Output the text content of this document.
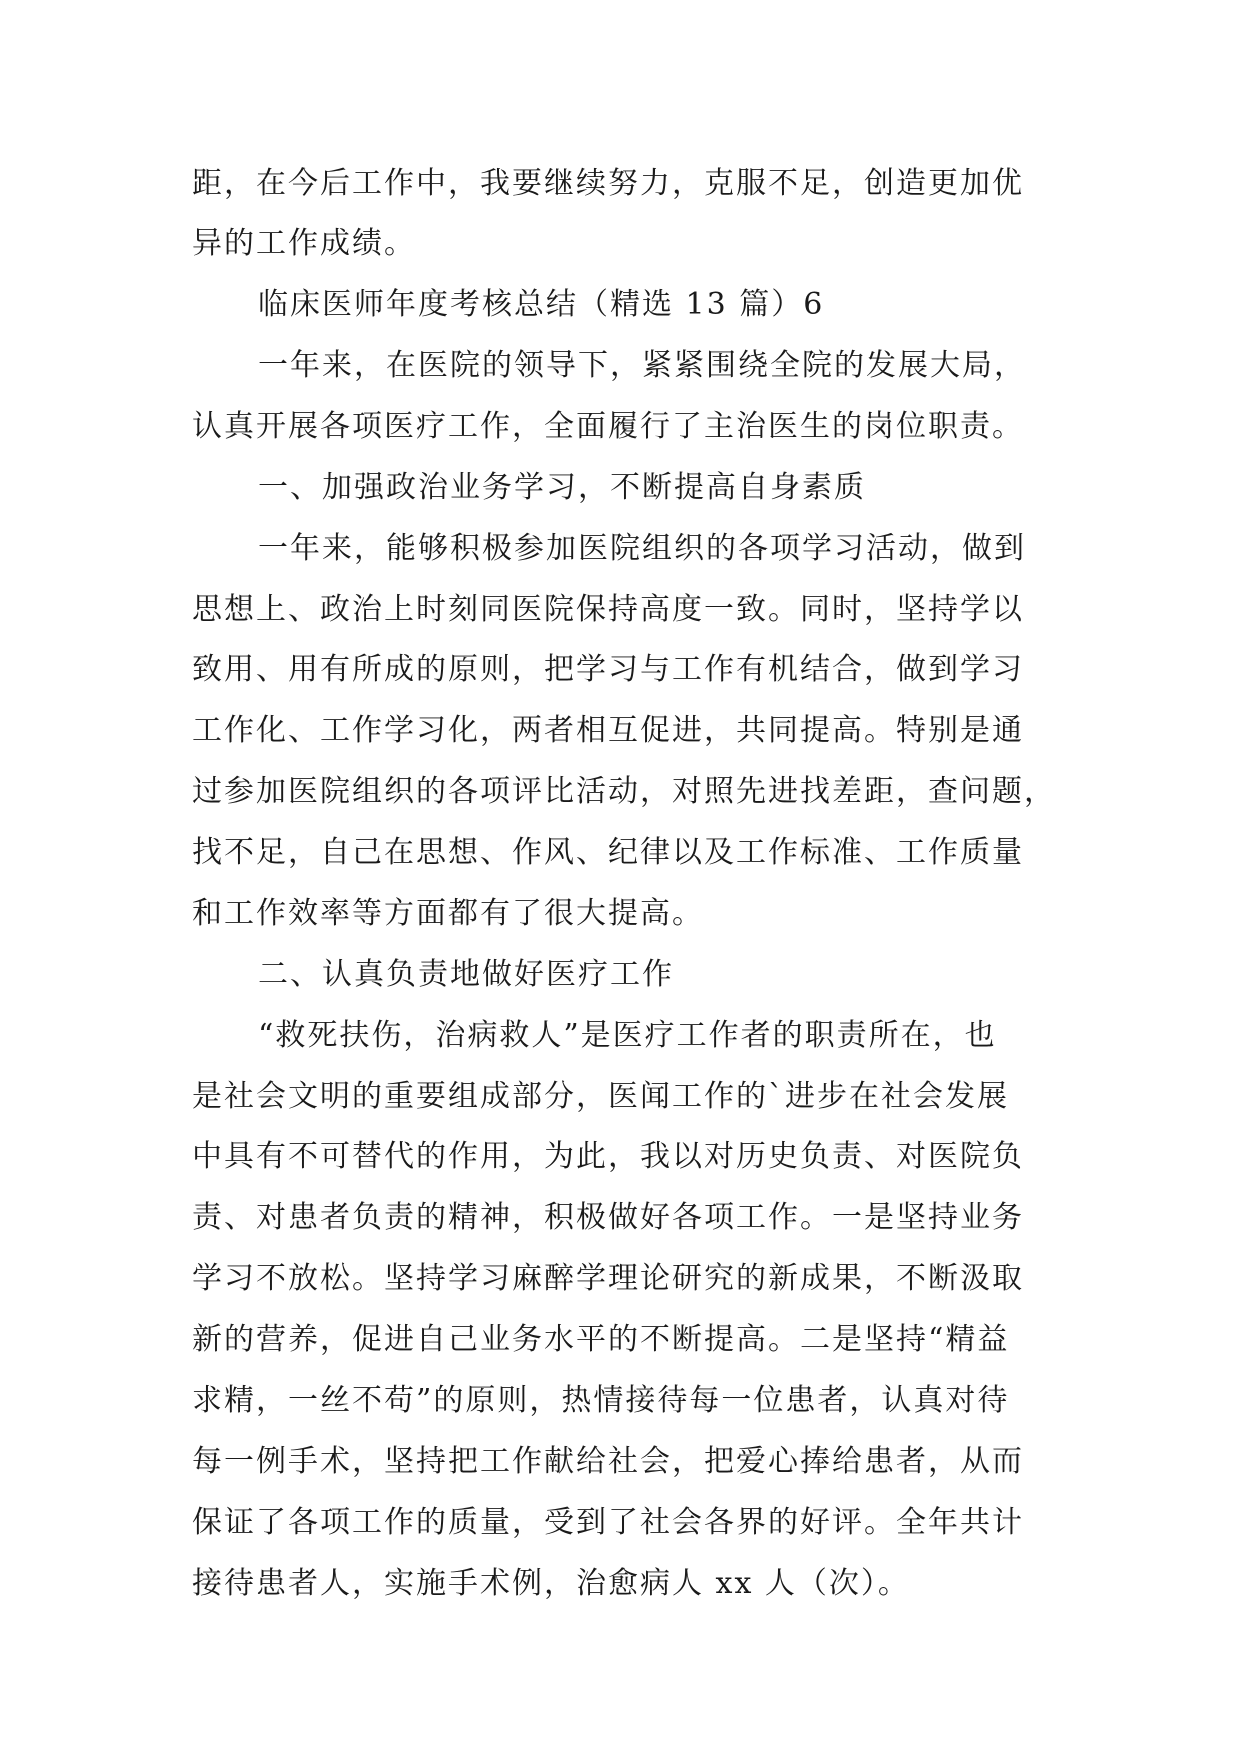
距，在今后工作中，我要继续努力，克服不足，创造更加优
异的工作成绩。
临床医师年度考核总结（精选 13 篇）6
一年来，在医院的领导下，紧紧围绕全院的发展大局，
认真开展各项医疗工作，全面履行了主治医生的岗位职责。
一、加强政治业务学习，不断提高自身素质
一年来，能够积极参加医院组织的各项学习活动，做到
思想上、政治上时刻同医院保持高度一致。同时，坚持学以
致用、用有所成的原则，把学习与工作有机结合，做到学习
工作化、工作学习化，两者相互促进，共同提高。特别是通
过参加医院组织的各项评比活动，对照先进找差距，查问题，
找不足，自己在思想、作风、纪律以及工作标准、工作质量
和工作效率等方面都有了很大提高。
二、认真负责地做好医疗工作
“救死扶伤，治病救人”是医疗工作者的职责所在，也
是社会文明的重要组成部分，医闻工作的`进步在社会发展
中具有不可替代的作用，为此，我以对历史负责、对医院负
责、对患者负责的精神，积极做好各项工作。一是坚持业务
学习不放松。坚持学习麻醉学理论研究的新成果，不断汲取
新的营养，促进自己业务水平的不断提高。二是坚持“精益
求精，一丝不苟”的原则，热情接待每一位患者，认真对待
每一例手术，坚持把工作献给社会，把爱心捧给患者，从而
保证了各项工作的质量，受到了社会各界的好评。全年共计
接待患者人，实施手术例，治愈病人 xx 人（次）。
